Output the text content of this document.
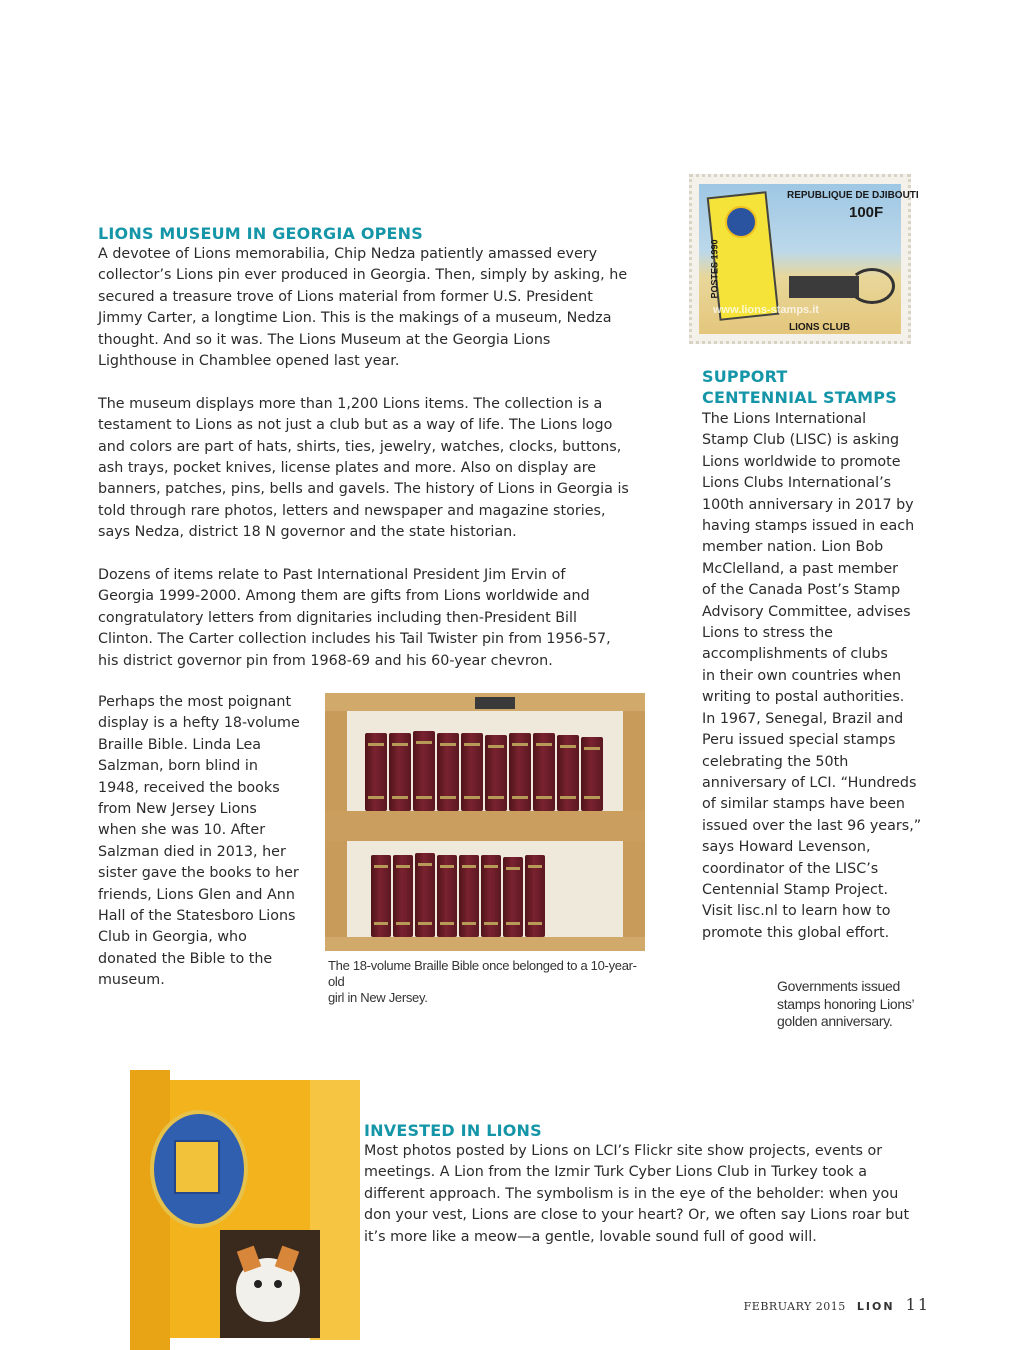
LIONS MUSEUM IN GEORGIA OPENS
A devotee of Lions memorabilia, Chip Nedza patiently amassed every
collector’s Lions pin ever produced in Georgia. Then, simply by asking, he
secured a treasure trove of Lions material from former U.S. President
Jimmy Carter, a longtime Lion. This is the makings of a museum, Nedza
thought. And so it was. The Lions Museum at the Georgia Lions
Lighthouse in Chamblee opened last year.
The museum displays more than 1,200 Lions items. The collection is a
testament to Lions as not just a club but as a way of life. The Lions logo
and colors are part of hats, shirts, ties, jewelry, watches, clocks, buttons,
ash trays, pocket knives, license plates and more. Also on display are
banners, patches, pins, bells and gavels. The history of Lions in Georgia is
told through rare photos, letters and newspaper and magazine stories,
says Nedza, district 18 N governor and the state historian.
Dozens of items relate to Past International President Jim Ervin of
Georgia 1999-2000. Among them are gifts from Lions worldwide and
congratulatory letters from dignitaries including then-President Bill
Clinton. The Carter collection includes his Tail Twister pin from 1956-57,
his district governor pin from 1968-69 and his 60-year chevron.
Perhaps the most poignant
display is a hefty 18-volume
Braille Bible. Linda Lea
Salzman, born blind in
1948, received the books
from New Jersey Lions
when she was 10. After
Salzman died in 2013, her
sister gave the books to her
friends, Lions Glen and Ann
Hall of the Statesboro Lions
Club in Georgia, who
donated the Bible to the
museum.
The 18-volume Braille Bible once belonged to a 10-year-old
girl in New Jersey.
REPUBLIQUE DE DJIBOUTI
100F
LIONS CLUB
POSTES 1990
www.lions-stamps.it
SUPPORT
CENTENNIAL STAMPS
The Lions International
Stamp Club (LISC) is asking
Lions worldwide to promote
Lions Clubs International’s
100th anniversary in 2017 by
having stamps issued in each
member nation. Lion Bob
McClelland, a past member
of the Canada Post’s Stamp
Advisory Committee, advises
Lions to stress the
accomplishments of clubs
in their own countries when
writing to postal authorities.
In 1967, Senegal, Brazil and
Peru issued special stamps
celebrating the 50th
anniversary of LCI. “Hundreds
of similar stamps have been
issued over the last 96 years,”
says Howard Levenson,
coordinator of the LISC’s
Centennial Stamp Project.
Visit lisc.nl to learn how to
promote this global effort.
Governments issued
stamps honoring Lions’
golden anniversary.
INVESTED IN LIONS
Most photos posted by Lions on LCI’s Flickr site show projects, events or
meetings. A Lion from the Izmir Turk Cyber Lions Club in Turkey took a
different approach. The symbolism is in the eye of the beholder: when you
don your vest, Lions are close to your heart? Or, we often say Lions roar but
it’s more like a meow—a gentle, lovable sound full of good will.
FEBRUARY 2015 LION 11
